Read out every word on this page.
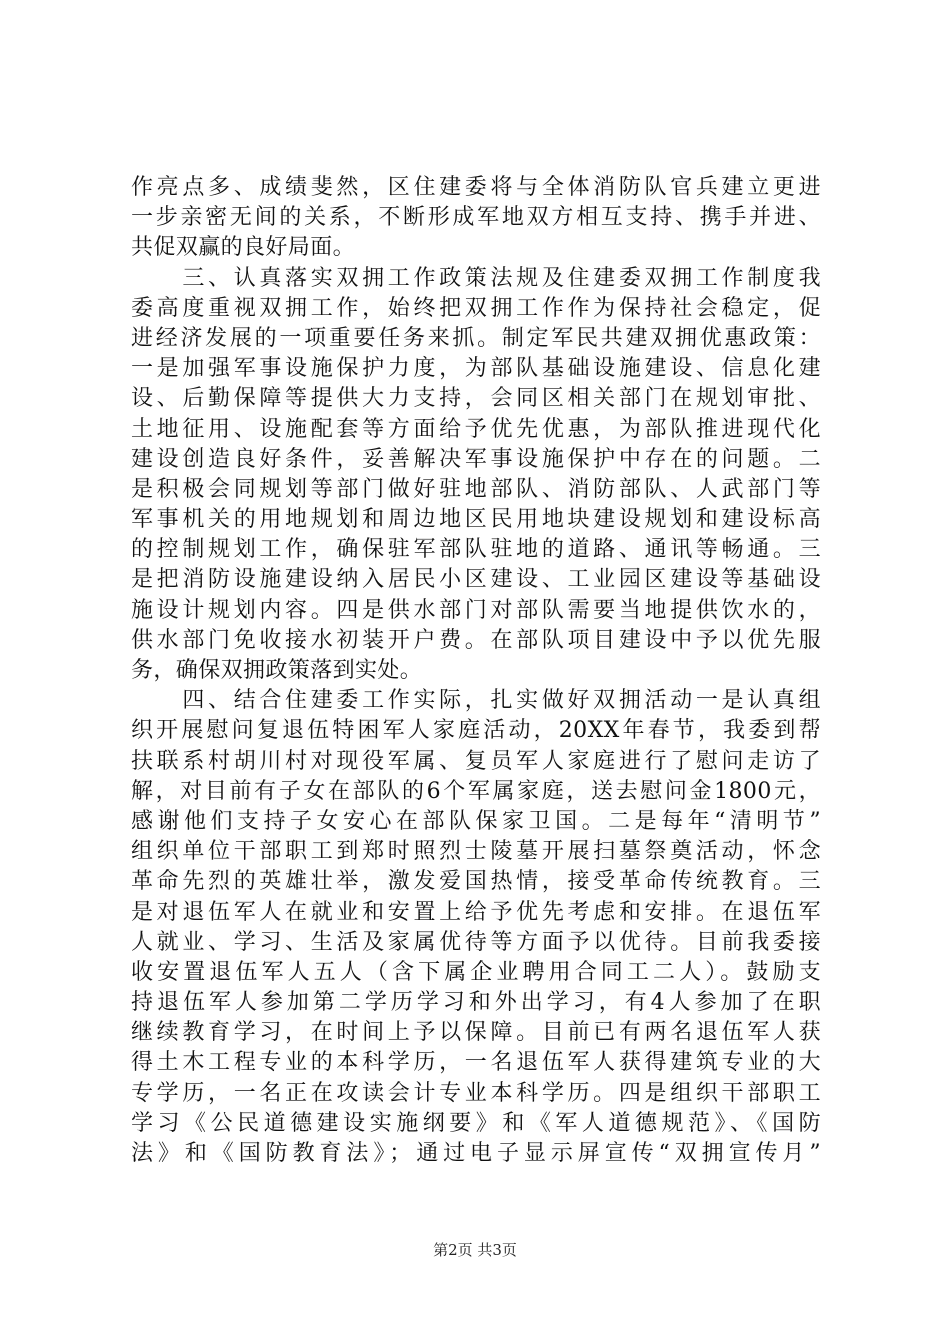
作亮点多、成绩斐然，区住建委将与全体消防队官兵建立更进
一步亲密无间的关系，不断形成军地双方相互支持、携手并进、
共促双赢的良好局面。
　　三、认真落实双拥工作政策法规及住建委双拥工作制度我
委高度重视双拥工作，始终把双拥工作作为保持社会稳定，促
进经济发展的一项重要任务来抓。制定军民共建双拥优惠政策：
一是加强军事设施保护力度，为部队基础设施建设、信息化建
设、后勤保障等提供大力支持，会同区相关部门在规划审批、
土地征用、设施配套等方面给予优先优惠，为部队推进现代化
建设创造良好条件，妥善解决军事设施保护中存在的问题。二
是积极会同规划等部门做好驻地部队、消防部队、人武部门等
军事机关的用地规划和周边地区民用地块建设规划和建设标高
的控制规划工作，确保驻军部队驻地的道路、通讯等畅通。三
是把消防设施建设纳入居民小区建设、工业园区建设等基础设
施设计规划内容。四是供水部门对部队需要当地提供饮水的，
供水部门免收接水初装开户费。在部队项目建设中予以优先服
务，确保双拥政策落到实处。
　　四、结合住建委工作实际，扎实做好双拥活动一是认真组
织开展慰问复退伍特困军人家庭活动，20XX年春节，我委到帮
扶联系村胡川村对现役军属、复员军人家庭进行了慰问走访了
解，对目前有子女在部队的6个军属家庭，送去慰问金1800元，
感谢他们支持子女安心在部队保家卫国。二是每年“清明节”
组织单位干部职工到郑时照烈士陵墓开展扫墓祭奠活动，怀念
革命先烈的英雄壮举，激发爱国热情，接受革命传统教育。三
是对退伍军人在就业和安置上给予优先考虑和安排。在退伍军
人就业、学习、生活及家属优待等方面予以优待。目前我委接
收安置退伍军人五人（含下属企业聘用合同工二人）。鼓励支
持退伍军人参加第二学历学习和外出学习，有4人参加了在职
继续教育学习，在时间上予以保障。目前已有两名退伍军人获
得土木工程专业的本科学历，一名退伍军人获得建筑专业的大
专学历，一名正在攻读会计专业本科学历。四是组织干部职工
学习《公民道德建设实施纲要》和《军人道德规范》、《国防
法》和《国防教育法》；通过电子显示屏宣传“双拥宣传月”
第2页 共3页
